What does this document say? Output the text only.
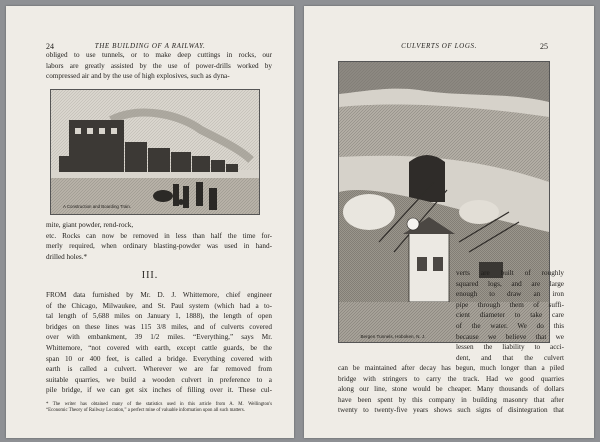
24	THE BUILDING OF A RAILWAY.
obliged to use tunnels, or to make deep cuttings in rocks, our
labors are greatly assisted by the use of power-drills worked by
compressed air and by the use of high explosives, such as dyna-
A Construction and Boarding Train.
mite, giant powder, rend-rock,
etc. Rocks can now be removed in less than half the time for-
merly required, when ordinary blasting-powder was used in hand-
drilled holes.*
III.
FROM data furnished by Mr. D. J. Whittemore, chief engineer
of the Chicago, Milwaukee, and St. Paul system (which had a to-
tal length of 5,688 miles on January 1, 1888), the length of open
bridges on these lines was 115 3/8 miles, and of culverts covered
over with embankment, 39 1/2 miles. “Everything,” says Mr.
Whittemore, “not covered with earth, except cattle guards, be the
span 10 or 400 feet, is called a bridge. Everything covered with
earth is called a culvert. Wherever we are far removed from
suitable quarries, we build a wooden culvert in preference to a
pile bridge, if we can get six inches of filling over it. These cul-
* The writer has obtained many of the statistics used in this article from A. M. Wellington's
“Economic Theory of Railway Location,” a perfect mine of valuable information upon all such matters.
CULVERTS OF LOGS.	25
verts are built of roughly
squared logs, and are large
enough to draw an iron
pipe through them of suffi-
cient diameter to take care
of the water. We do this
because we believe that we
lessen the liability to acci-
dent, and that the culvert
Bergen Tunnels, Hoboken, N. J.
can be maintained after decay has begun, much longer than a piled
bridge with stringers to carry the track. Had we good quarries
along our line, stone would be cheaper. Many thousands of dollars
have been spent by this company in building masonry that after
twenty to twenty-five years shows such signs of disintegration that
